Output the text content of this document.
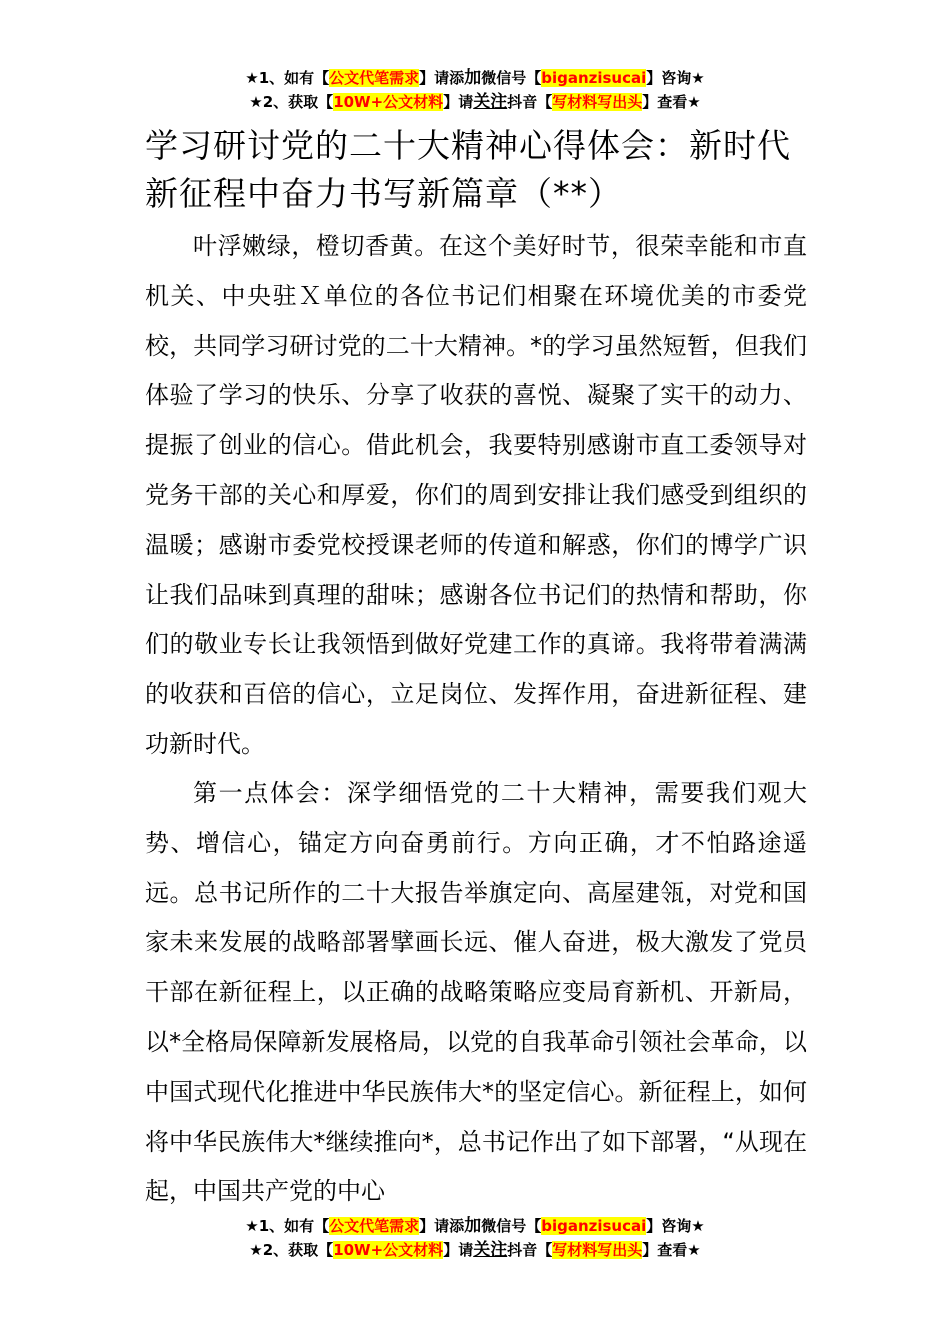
★1、如有【公文代笔需求】请添加微信号【biganzisucai】咨询★
★2、获取【10W+公文材料】请关注抖音【写材料写出头】查看★
学习研讨党的二十大精神心得体会：新时代新征程中奋力书写新篇章（**）
叶浮嫩绿，橙切香黄。在这个美好时节，很荣幸能和市直机关、中央驻Ｘ单位的各位书记们相聚在环境优美的市委党校，共同学习研讨党的二十大精神。*的学习虽然短暂，但我们体验了学习的快乐、分享了收获的喜悦、凝聚了实干的动力、提振了创业的信心。借此机会，我要特别感谢市直工委领导对党务干部的关心和厚爱，你们的周到安排让我们感受到组织的温暖；感谢市委党校授课老师的传道和解惑，你们的博学广识让我们品味到真理的甜味；感谢各位书记们的热情和帮助，你们的敬业专长让我领悟到做好党建工作的真谛。我将带着满满的收获和百倍的信心，立足岗位、发挥作用，奋进新征程、建功新时代。
第一点体会：深学细悟党的二十大精神，需要我们观大势、增信心，锚定方向奋勇前行。方向正确，才不怕路途遥远。总书记所作的二十大报告举旗定向、高屋建瓴，对党和国家未来发展的战略部署擘画长远、催人奋进，极大激发了党员干部在新征程上，以正确的战略策略应变局育新机、开新局，以*全格局保障新发展格局，以党的自我革命引领社会革命，以中国式现代化推进中华民族伟大*的坚定信心。新征程上，如何将中华民族伟大*继续推向*，总书记作出了如下部署，“从现在起，中国共产党的中心
★1、如有【公文代笔需求】请添加微信号【biganzisucai】咨询★
★2、获取【10W+公文材料】请关注抖音【写材料写出头】查看★
